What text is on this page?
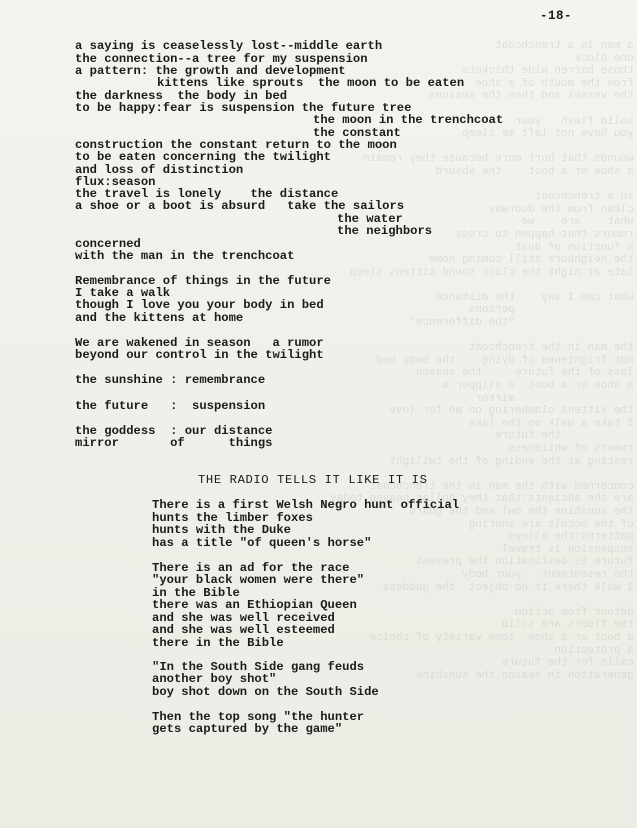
a man in a trenchcoat
one block
those barren wide thickets
from the mouth of a shoe
the vessel and then the seasons

solid flesh   your
you have not left me sleep

wounds that hurt more because they remain
a shoe or a boot    the absurd

in a trenchcoat
clean from the doorway
what    are    we
rumors that happen to cross
a function of dust
the neighbors still coming home
late at night the clock sound kittens sleep

what can I say    the distance
persons
"the difference"

the man in the trenchcoat
not frightened of dying    the body bed
loss of the future     the season
a shoe or a boot  a slipper a
mirror
the kittens clambering on me for love
I take a walk on the lake
the future
rumors of whiteness
resting at the ending of the twilight

concerned with the man in the trenchcoat
are the ancients:that they dollar heaven today
the sunshine the owl and the guard
of the occult are snoring
patterns:the alleys
suspension is travel
future is destination the present
the resentment   your body
I walk there is no object  the goddess

detour from action
the floors are solid
a boot or a shoe  some variety of choice
a protection
calls for the future
generation in season the sunshine
-18-
a saying is ceaselessly lost--middle earth
the connection--a tree for my suspension
a pattern: the growth and development
kittens like sprouts  the moon to be eaten
the darkness  the body in bed
to be happy:fear is suspension the future tree
the moon in the trenchcoat
the constant
construction the constant return to the moon
to be eaten concerning the twilight
and loss of distinction
flux:season
the travel is lonely    the distance
a shoe or a boot is absurd   take the sailors
the water
the neighbors
concerned
with the man in the trenchcoat
Remembrance of things in the future
I take a walk
though I love you your body in bed
and the kittens at home
We are wakened in season   a rumor
beyond our control in the twilight
the sunshine : remembrance
the future   :  suspension
the goddess  : our distance
mirror       of      things
THE RADIO TELLS IT LIKE IT IS
There is a first Welsh Negro hunt official
hunts the limber foxes
hunts with the Duke
has a title "of queen's horse"
There is an ad for the race
"your black women were there"
in the Bible
there was an Ethiopian Queen
and she was well received
and she was well esteemed
there in the Bible
"In the South Side gang feuds
another boy shot"
boy shot down on the South Side
Then the top song "the hunter
gets captured by the game"
